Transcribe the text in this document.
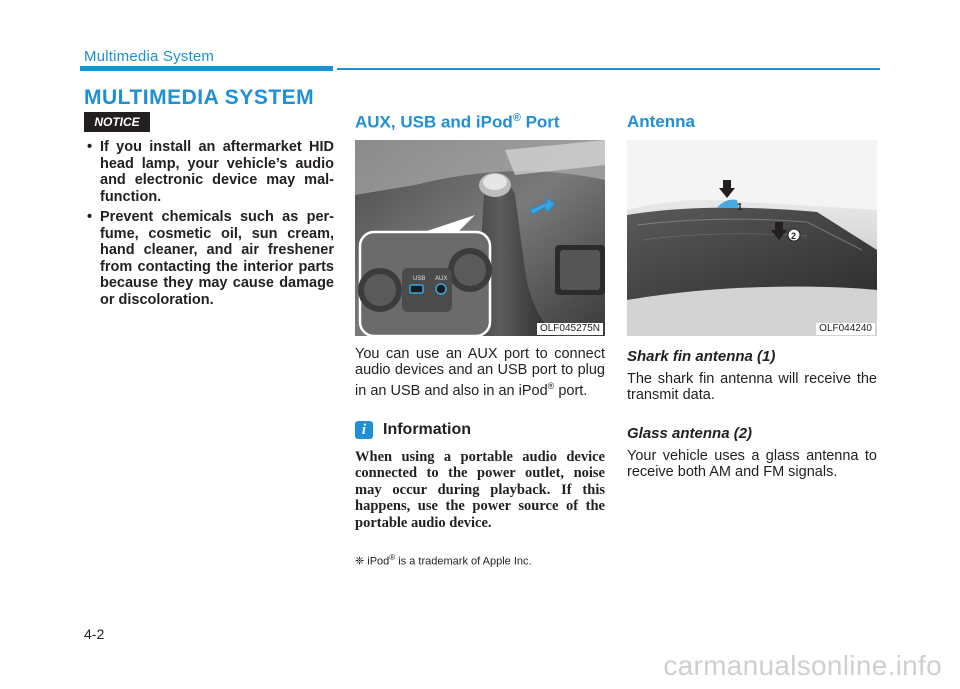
Multimedia System
MULTIMEDIA SYSTEM
NOTICE
• If you install an aftermarket HID head lamp, your vehicle’s audio and electronic device may mal-function.
• Prevent chemicals such as per-fume, cosmetic oil, sun cream, hand cleaner, and air freshener from contacting the interior parts because they may cause damage or discoloration.
AUX, USB and iPod® Port
USB AUX
OLF045275N

You can use an AUX port to connect audio devices and an USB port to plug in an USB and also in an iPod® port.

i	Information

When using a portable audio device connected to the power outlet, noise may occur during playback. If this happens, use the power source of the portable audio device.

❈ iPod® is a trademark of Apple Inc.

Antenna
1
2
OLF044240
Shark fin antenna (1)

The shark fin antenna will receive the transmit data.

Glass antenna (2)

Your vehicle uses a glass antenna to receive both AM and FM signals.

4-2
carmanualsonline.info
